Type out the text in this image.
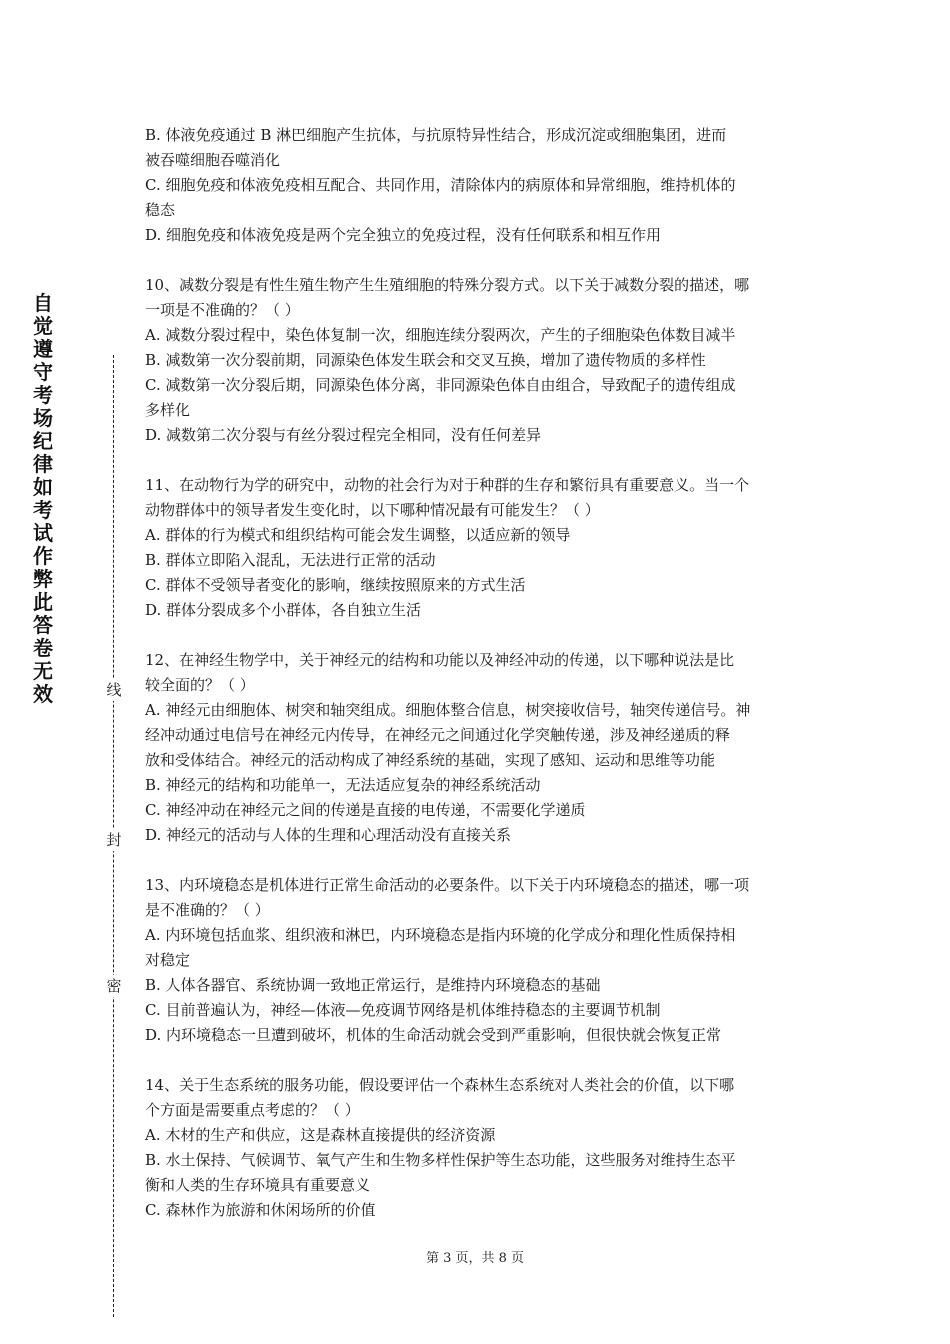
自觉遵守考场纪律如考试作弊此答卷无效	线
封
密

B. 体液免疫通过 B 淋巴细胞产生抗体，与抗原特异性结合，形成沉淀或细胞集团，进而

被吞噬细胞吞噬消化

C. 细胞免疫和体液免疫相互配合、共同作用，清除体内的病原体和异常细胞，维持机体的

稳态

D. 细胞免疫和体液免疫是两个完全独立的免疫过程，没有任何联系和相互作用

10、减数分裂是有性生殖生物产生生殖细胞的特殊分裂方式。以下关于减数分裂的描述，哪

一项是不准确的？（ ）

A. 减数分裂过程中，染色体复制一次，细胞连续分裂两次，产生的子细胞染色体数目减半

B. 减数第一次分裂前期，同源染色体发生联会和交叉互换，增加了遗传物质的多样性

C. 减数第一次分裂后期，同源染色体分离，非同源染色体自由组合，导致配子的遗传组成

多样化

D. 减数第二次分裂与有丝分裂过程完全相同，没有任何差异

11、在动物行为学的研究中，动物的社会行为对于种群的生存和繁衍具有重要意义。当一个

动物群体中的领导者发生变化时，以下哪种情况最有可能发生？（ ）

A. 群体的行为模式和组织结构可能会发生调整，以适应新的领导

B. 群体立即陷入混乱，无法进行正常的活动

C. 群体不受领导者变化的影响，继续按照原来的方式生活

D. 群体分裂成多个小群体，各自独立生活

12、在神经生物学中，关于神经元的结构和功能以及神经冲动的传递，以下哪种说法是比

较全面的？（ ）

A. 神经元由细胞体、树突和轴突组成。细胞体整合信息，树突接收信号，轴突传递信号。神

经冲动通过电信号在神经元内传导，在神经元之间通过化学突触传递，涉及神经递质的释

放和受体结合。神经元的活动构成了神经系统的基础，实现了感知、运动和思维等功能

B. 神经元的结构和功能单一，无法适应复杂的神经系统活动

C. 神经冲动在神经元之间的传递是直接的电传递，不需要化学递质

D. 神经元的活动与人体的生理和心理活动没有直接关系

13、内环境稳态是机体进行正常生命活动的必要条件。以下关于内环境稳态的描述，哪一项

是不准确的？（ ）

A. 内环境包括血浆、组织液和淋巴，内环境稳态是指内环境的化学成分和理化性质保持相

对稳定

B. 人体各器官、系统协调一致地正常运行，是维持内环境稳态的基础

C. 目前普遍认为，神经—体液—免疫调节网络是机体维持稳态的主要调节机制

D. 内环境稳态一旦遭到破坏，机体的生命活动就会受到严重影响，但很快就会恢复正常

14、关于生态系统的服务功能，假设要评估一个森林生态系统对人类社会的价值，以下哪

个方面是需要重点考虑的？（ ）

A. 木材的生产和供应，这是森林直接提供的经济资源

B. 水土保持、气候调节、氧气产生和生物多样性保护等生态功能，这些服务对维持生态平

衡和人类的生存环境具有重要意义

C. 森林作为旅游和休闲场所的价值

第 3 页，共 8 页
